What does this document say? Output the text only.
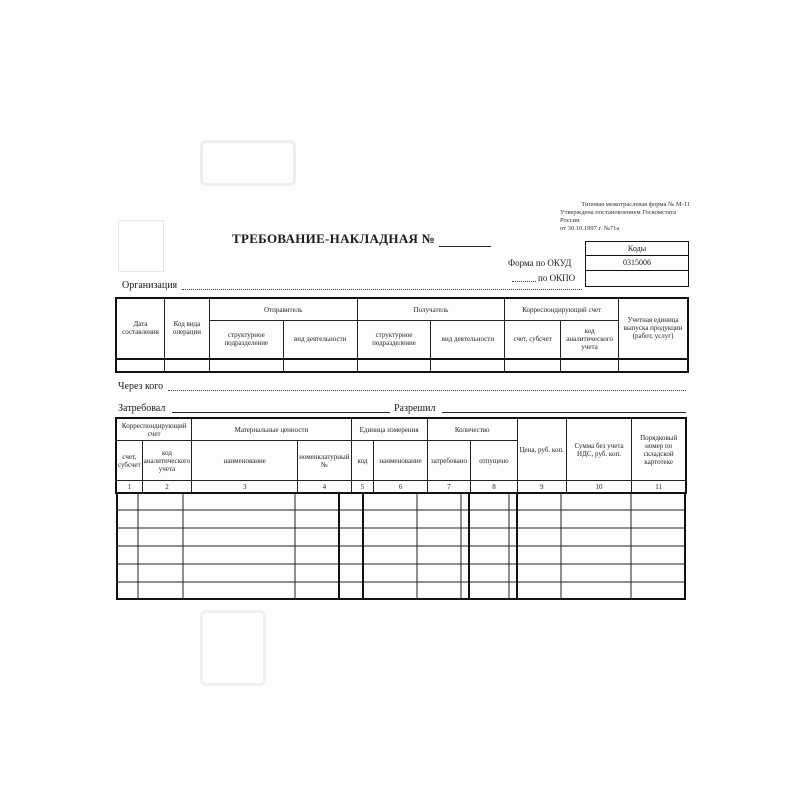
Типовая межотраслевая форма № М-11
Утверждена постановлением Госкомстата России
от 30.10.1997 г. №71а
ТРЕБОВАНИЕ-НАКЛАДНАЯ №
Коды
0315006
Форма по ОКУД
по ОКПО
Организация
Дата составления	Код вида операции	Отправитель		Получатель		Корреспондирующий счет		Учетная единица выпуска продукции (работ, услуг)
		структурное подразделение	вид деятельности	структурное подразделение	вид деятельности	счет, субсчет	код аналитического учета	

Через кого
Затребовал	Разрешил
Корреспондирующий счет		Материальные ценности		Единица измерения		Количество		Цена, руб. коп.	Сумма без учета НДС, руб. коп.	Порядковый номер по складской картотеке
счет, субсчет	код аналитического учета	наименование	номенклатурный №	код	наименование	затребовано	отпущено			
1	2	3	4	5	6	7	8	9	10	11
